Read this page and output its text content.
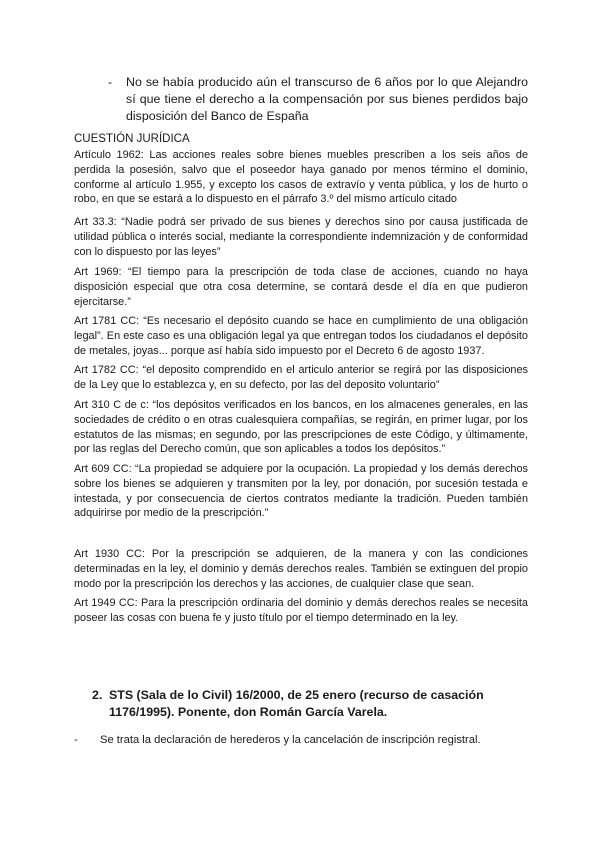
- No se había producido aún el transcurso de 6 años por lo que Alejandro sí que tiene el derecho a la compensación por sus bienes perdidos bajo disposición del Banco de España
CUESTIÓN JURÍDICA

Artículo 1962: Las acciones reales sobre bienes muebles prescriben a los seis años de perdida la posesión, salvo que el poseedor haya ganado por menos término el dominio, conforme al artículo 1.955, y excepto los casos de extravío y venta pública, y los de hurto o robo, en que se estará a lo dispuesto en el párrafo 3.º del mismo artículo citado

Art 33.3: “Nadie podrá ser privado de sus bienes y derechos sino por causa justificada de utilidad pública o interés social, mediante la correspondiente indemnización y de conformidad con lo dispuesto por las leyes”

Art 1969: “El tiempo para la prescripción de toda clase de acciones, cuando no haya disposición especial que otra cosa determine, se contará desde el día en que pudieron ejercitarse.”

Art 1781 CC: “Es necesario el depósito cuando se hace en cumplimiento de una obligación legal”. En este caso es una obligación legal ya que entregan todos los ciudadanos el depósito de metales, joyas... porque así había sido impuesto por el Decreto 6 de agosto 1937.

Art 1782 CC: “el deposito comprendido en el articulo anterior se regirá por las disposiciones de la Ley que lo establezca y, en su defecto, por las del deposito voluntario”

Art 310 C de c: “los depósitos verificados en los bancos, en los almacenes generales, en las sociedades de crédito o en otras cualesquiera compañías, se regirán, en primer lugar, por los estatutos de las mismas; en segundo, por las prescripciones de este Código, y últimamente, por las reglas del Derecho común, que son aplicables a todos los depósitos.”

Art 609 CC: “La propiedad se adquiere por la ocupación. La propiedad y los demás derechos sobre los bienes se adquieren y transmiten por la ley, por donación, por sucesión testada e intestada, y por consecuencia de ciertos contratos mediante la tradición. Pueden también adquirirse por medio de la prescripción.”

Art 1930 CC: Por la prescripción se adquieren, de la manera y con las condiciones determinadas en la ley, el dominio y demás derechos reales. También se extinguen del propio modo por la prescripción los derechos y las acciones, de cualquier clase que sean.

Art 1949 CC: Para la prescripción ordinaria del dominio y demás derechos reales se necesita poseer las cosas con buena fe y justo título por el tiempo determinado en la ley.

2. STS (Sala de lo Civil) 16/2000, de 25 enero (recurso de casación 1176/1995). Ponente, don Román García Varela.
- Se trata la declaración de herederos y la cancelación de inscripción registral.
